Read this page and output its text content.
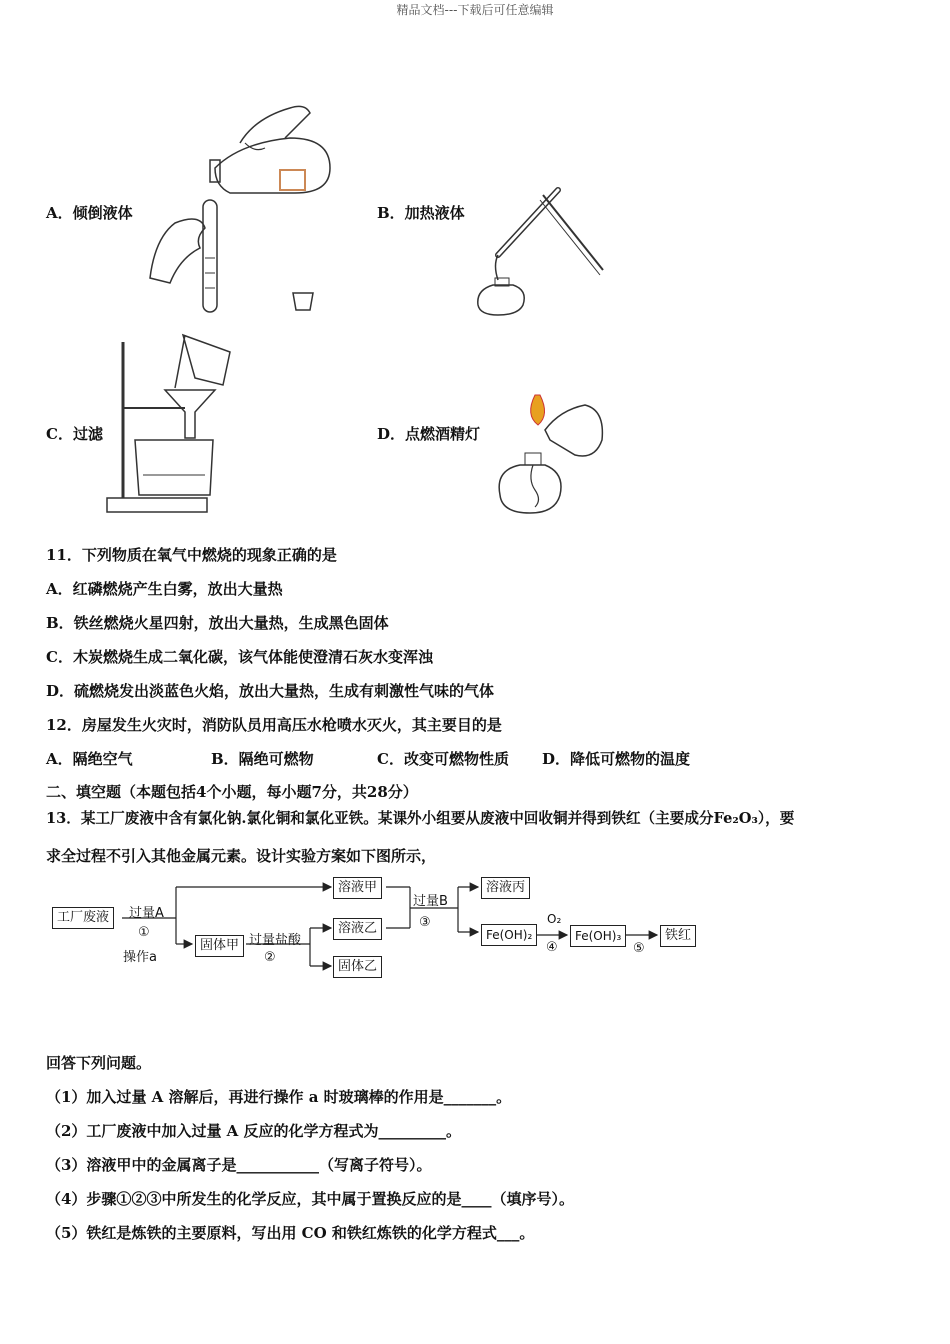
精品文档---下载后可任意编辑
A．倾倒液体	B．加热液体
C．过滤	D．点燃酒精灯
11．下列物质在氧气中燃烧的现象正确的是
A．红磷燃烧产生白雾，放出大量热
B．铁丝燃烧火星四射，放出大量热，生成黑色固体
C．木炭燃烧生成二氧化碳，该气体能使澄清石灰水变浑浊
D．硫燃烧发出淡蓝色火焰，放出大量热，生成有刺激性气味的气体
12．房屋发生火灾时，消防队员用高压水枪喷水灭火，其主要目的是
A．隔绝空气	B．隔绝可燃物	C．改变可燃物性质 D．降低可燃物的温度
二、填空题（本题包括4个小题，每小题7分，共28分）
13．某工厂废液中含有氯化钠.氯化铜和氯化亚铁。某课外小组要从废液中回收铜并得到铁红（主要成分Fe₂O₃），要
求全过程不引入其他金属元素。设计实验方案如下图所示，
工厂废液	过量A
①
操作a
溶液甲
固体甲 过量盐酸
②
溶液乙
固体乙
过量B
③
溶液丙
Fe(OH)₂
O₂
④
Fe(OH)₃
⑤
铁红
回答下列问题。
（1）加入过量 A 溶解后，再进行操作 a 时玻璃棒的作用是_______。
（2）工厂废液中加入过量 A 反应的化学方程式为_________。
（3）溶液甲中的金属离子是___________（写离子符号）。
（4）步骤①②③中所发生的化学反应，其中属于置换反应的是____（填序号）。
（5）铁红是炼铁的主要原料，写出用 CO 和铁红炼铁的化学方程式___。
